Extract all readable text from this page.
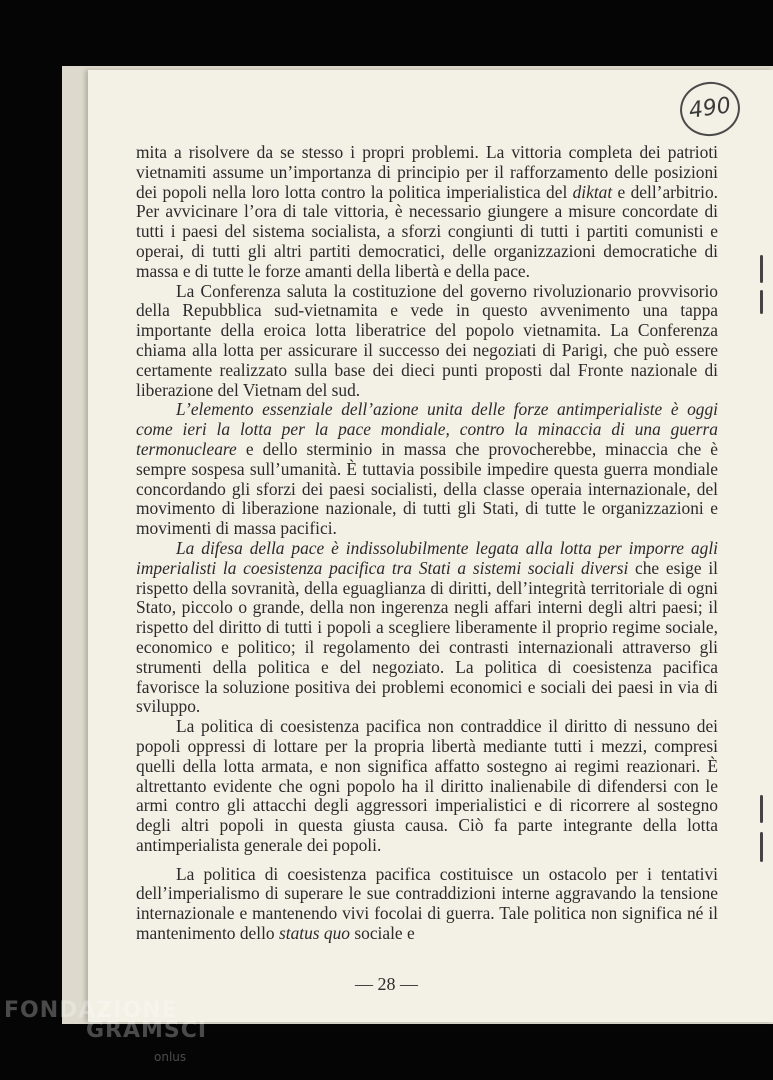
490

mita a risolvere da se stesso i propri problemi. La vittoria completa dei patrioti vietnamiti assume un’importanza di principio per il rafforzamento delle posizioni dei popoli nella loro lotta contro la politica imperialistica del diktat e dell’arbitrio. Per avvicinare l’ora di tale vittoria, è necessario giungere a misure concordate di tutti i paesi del sistema socialista, a sforzi congiunti di tutti i partiti comunisti e operai, di tutti gli altri partiti democratici, delle organizzazioni democratiche di massa e di tutte le forze amanti della libertà e della pace.

La Conferenza saluta la costituzione del governo rivoluzionario provvisorio della Repubblica sud-vietnamita e vede in questo avvenimento una tappa importante della eroica lotta liberatrice del popolo vietnamita. La Conferenza chiama alla lotta per assicurare il successo dei negoziati di Parigi, che può essere certamente realizzato sulla base dei dieci punti proposti dal Fronte nazionale di liberazione del Vietnam del sud.

L’elemento essenziale dell’azione unita delle forze antimperialiste è oggi come ieri la lotta per la pace mondiale, contro la minaccia di una guerra termonucleare e dello sterminio in massa che provocherebbe, minaccia che è sempre sospesa sull’umanità. È tuttavia possibile impedire questa guerra mondiale concordando gli sforzi dei paesi socialisti, della classe operaia internazionale, del movimento di liberazione nazionale, di tutti gli Stati, di tutte le organizzazioni e movimenti di massa pacifici.

La difesa della pace è indissolubilmente legata alla lotta per imporre agli imperialisti la coesistenza pacifica tra Stati a sistemi sociali diversi che esige il rispetto della sovranità, della eguaglianza di diritti, dell’integrità territoriale di ogni Stato, piccolo o grande, della non ingerenza negli affari interni degli altri paesi; il rispetto del diritto di tutti i popoli a scegliere liberamente il proprio regime sociale, economico e politico; il regolamento dei contrasti internazionali attraverso gli strumenti della politica e del negoziato. La politica di coesistenza pacifica favorisce la soluzione positiva dei problemi economici e sociali dei paesi in via di sviluppo.

La politica di coesistenza pacifica non contraddice il diritto di nessuno dei popoli oppressi di lottare per la propria libertà mediante tutti i mezzi, compresi quelli della lotta armata, e non significa affatto sostegno ai regimi reazionari. È altrettanto evidente che ogni popolo ha il diritto inalienabile di difendersi con le armi contro gli attacchi degli aggressori imperialistici e di ricorrere al sostegno degli altri popoli in questa giusta causa. Ciò fa parte integrante della lotta antimperialista generale dei popoli.

La politica di coesistenza pacifica costituisce un ostacolo per i tentativi dell’imperialismo di superare le sue contraddizioni interne aggravando la tensione internazionale e mantenendo vivi focolai di guerra. Tale politica non significa né il mantenimento dello status quo sociale e

— 28 —
FONDAZIONE
GRAMSCI
onlus
